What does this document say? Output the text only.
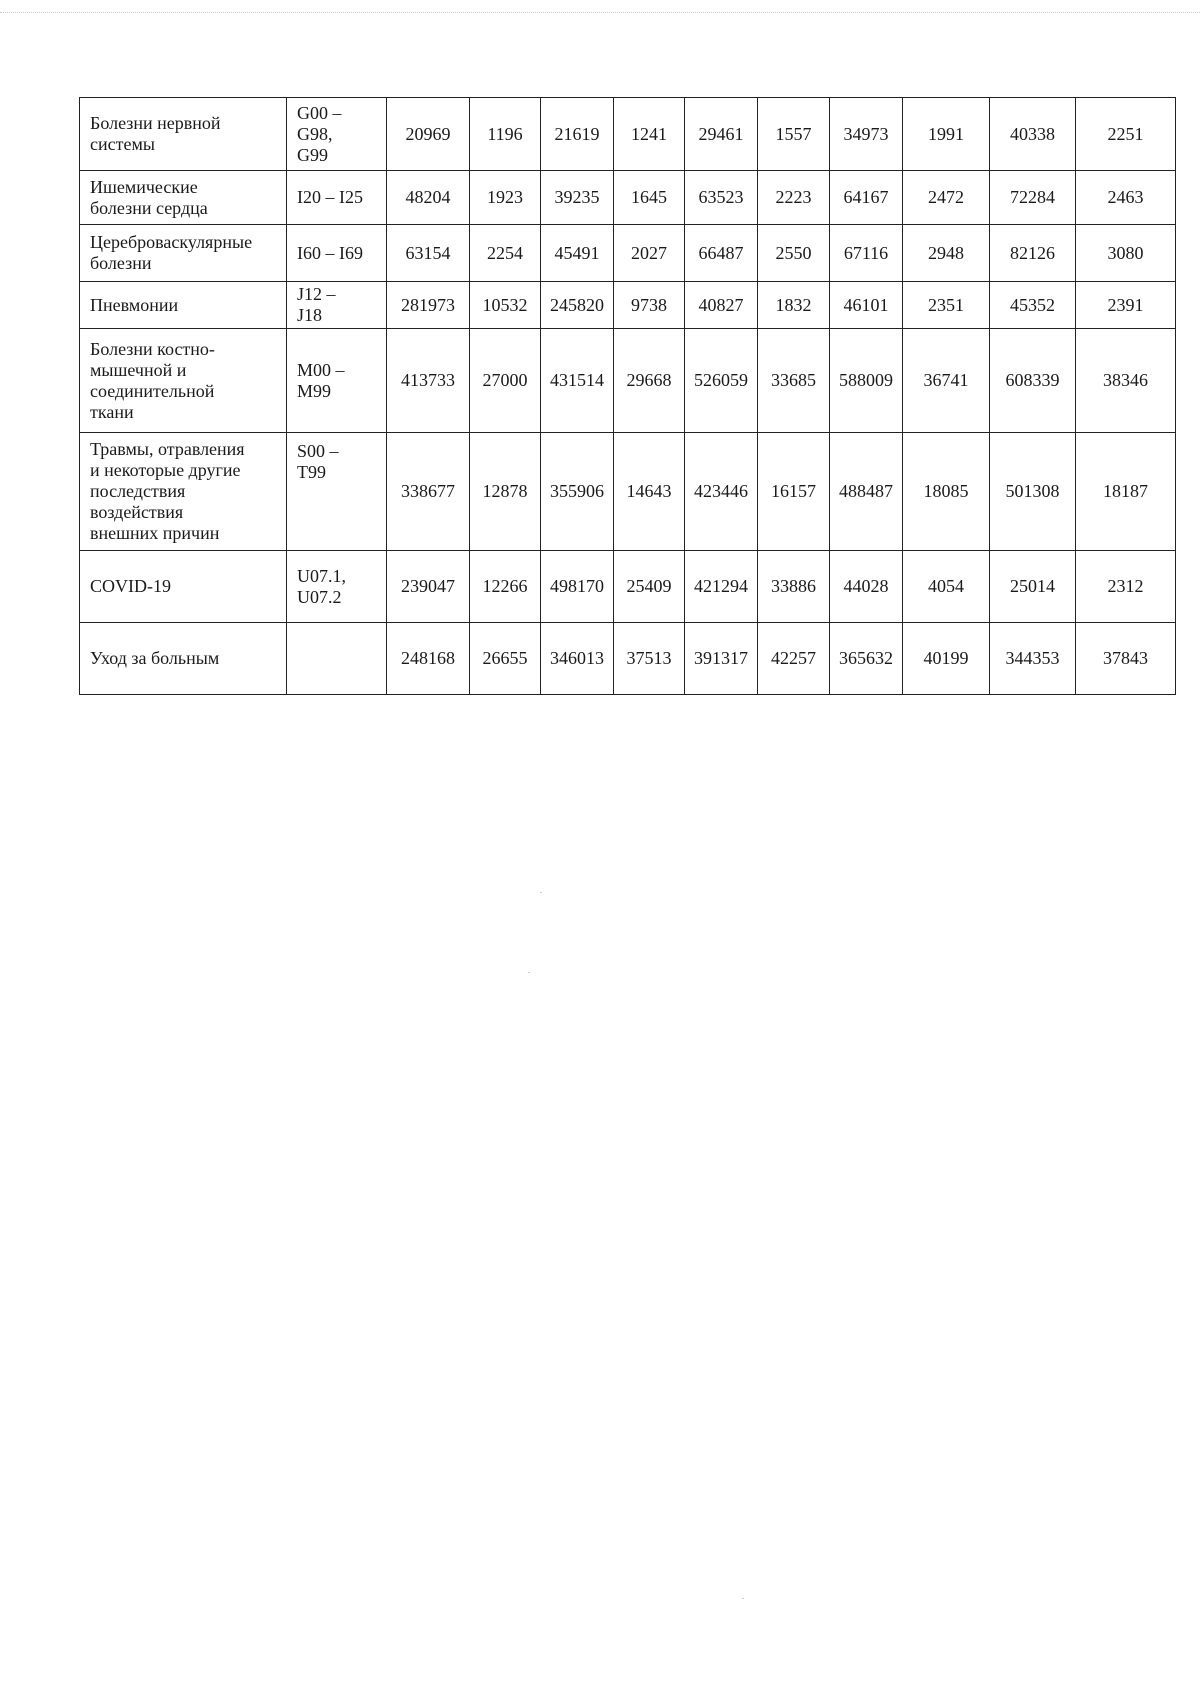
Болезни нервной
системы	G00 –
G98,
G99	20969	1196	21619	1241	29461	1557	34973	1991	40338	2251

Ишемические
болезни сердца	I20 – I25	48204	1923	39235	1645	63523	2223	64167	2472	72284	2463

Цереброваскулярные
болезни	I60 – I69	63154	2254	45491	2027	66487	2550	67116	2948	82126	3080

Пневмонии	J12 –
J18	281973	10532	245820	9738	40827	1832	46101	2351	45352	2391

Болезни костно-
мышечной и
соединительной
ткани	M00 –
M99	413733	27000	431514	29668	526059	33685	588009	36741	608339	38346

Травмы, отравления
и некоторые другие
последствия
воздействия
внешних причин	S00 –
T99	338677	12878	355906	14643	423446	16157	488487	18085	501308	18187

COVID-19	U07.1,
U07.2	239047	12266	498170	25409	421294	33886	44028	4054	25014	2312

Уход за больным		248168	26655	346013	37513	391317	42257	365632	40199	344353	37843
